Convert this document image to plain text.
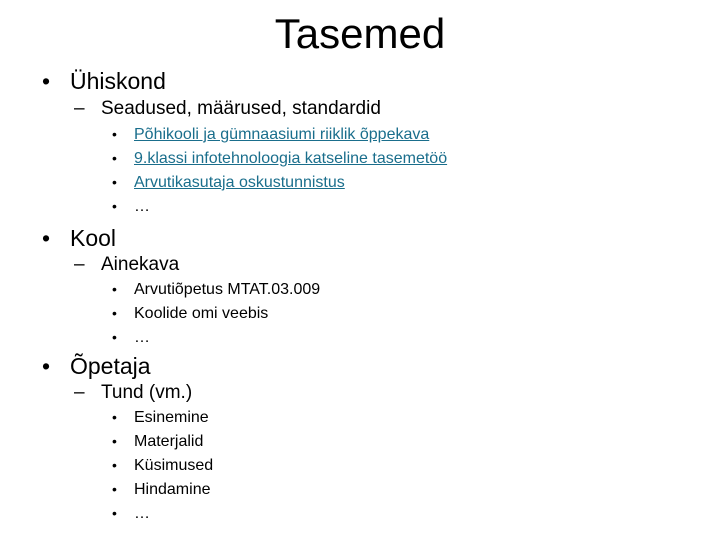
Tasemed
• Ühiskond
– Seadused, määrused, standardid
• Põhikooli ja gümnaasiumi riiklik õppekava
• 9.klassi infotehnoloogia katseline tasemetöö
• Arvutikasutaja oskustunnistus
• …
• Kool
– Ainekava
• Arvutiõpetus MTAT.03.009
• Koolide omi veebis
• …
• Õpetaja
– Tund (vm.)
• Esinemine
• Materjalid
• Küsimused
• Hindamine
• …
